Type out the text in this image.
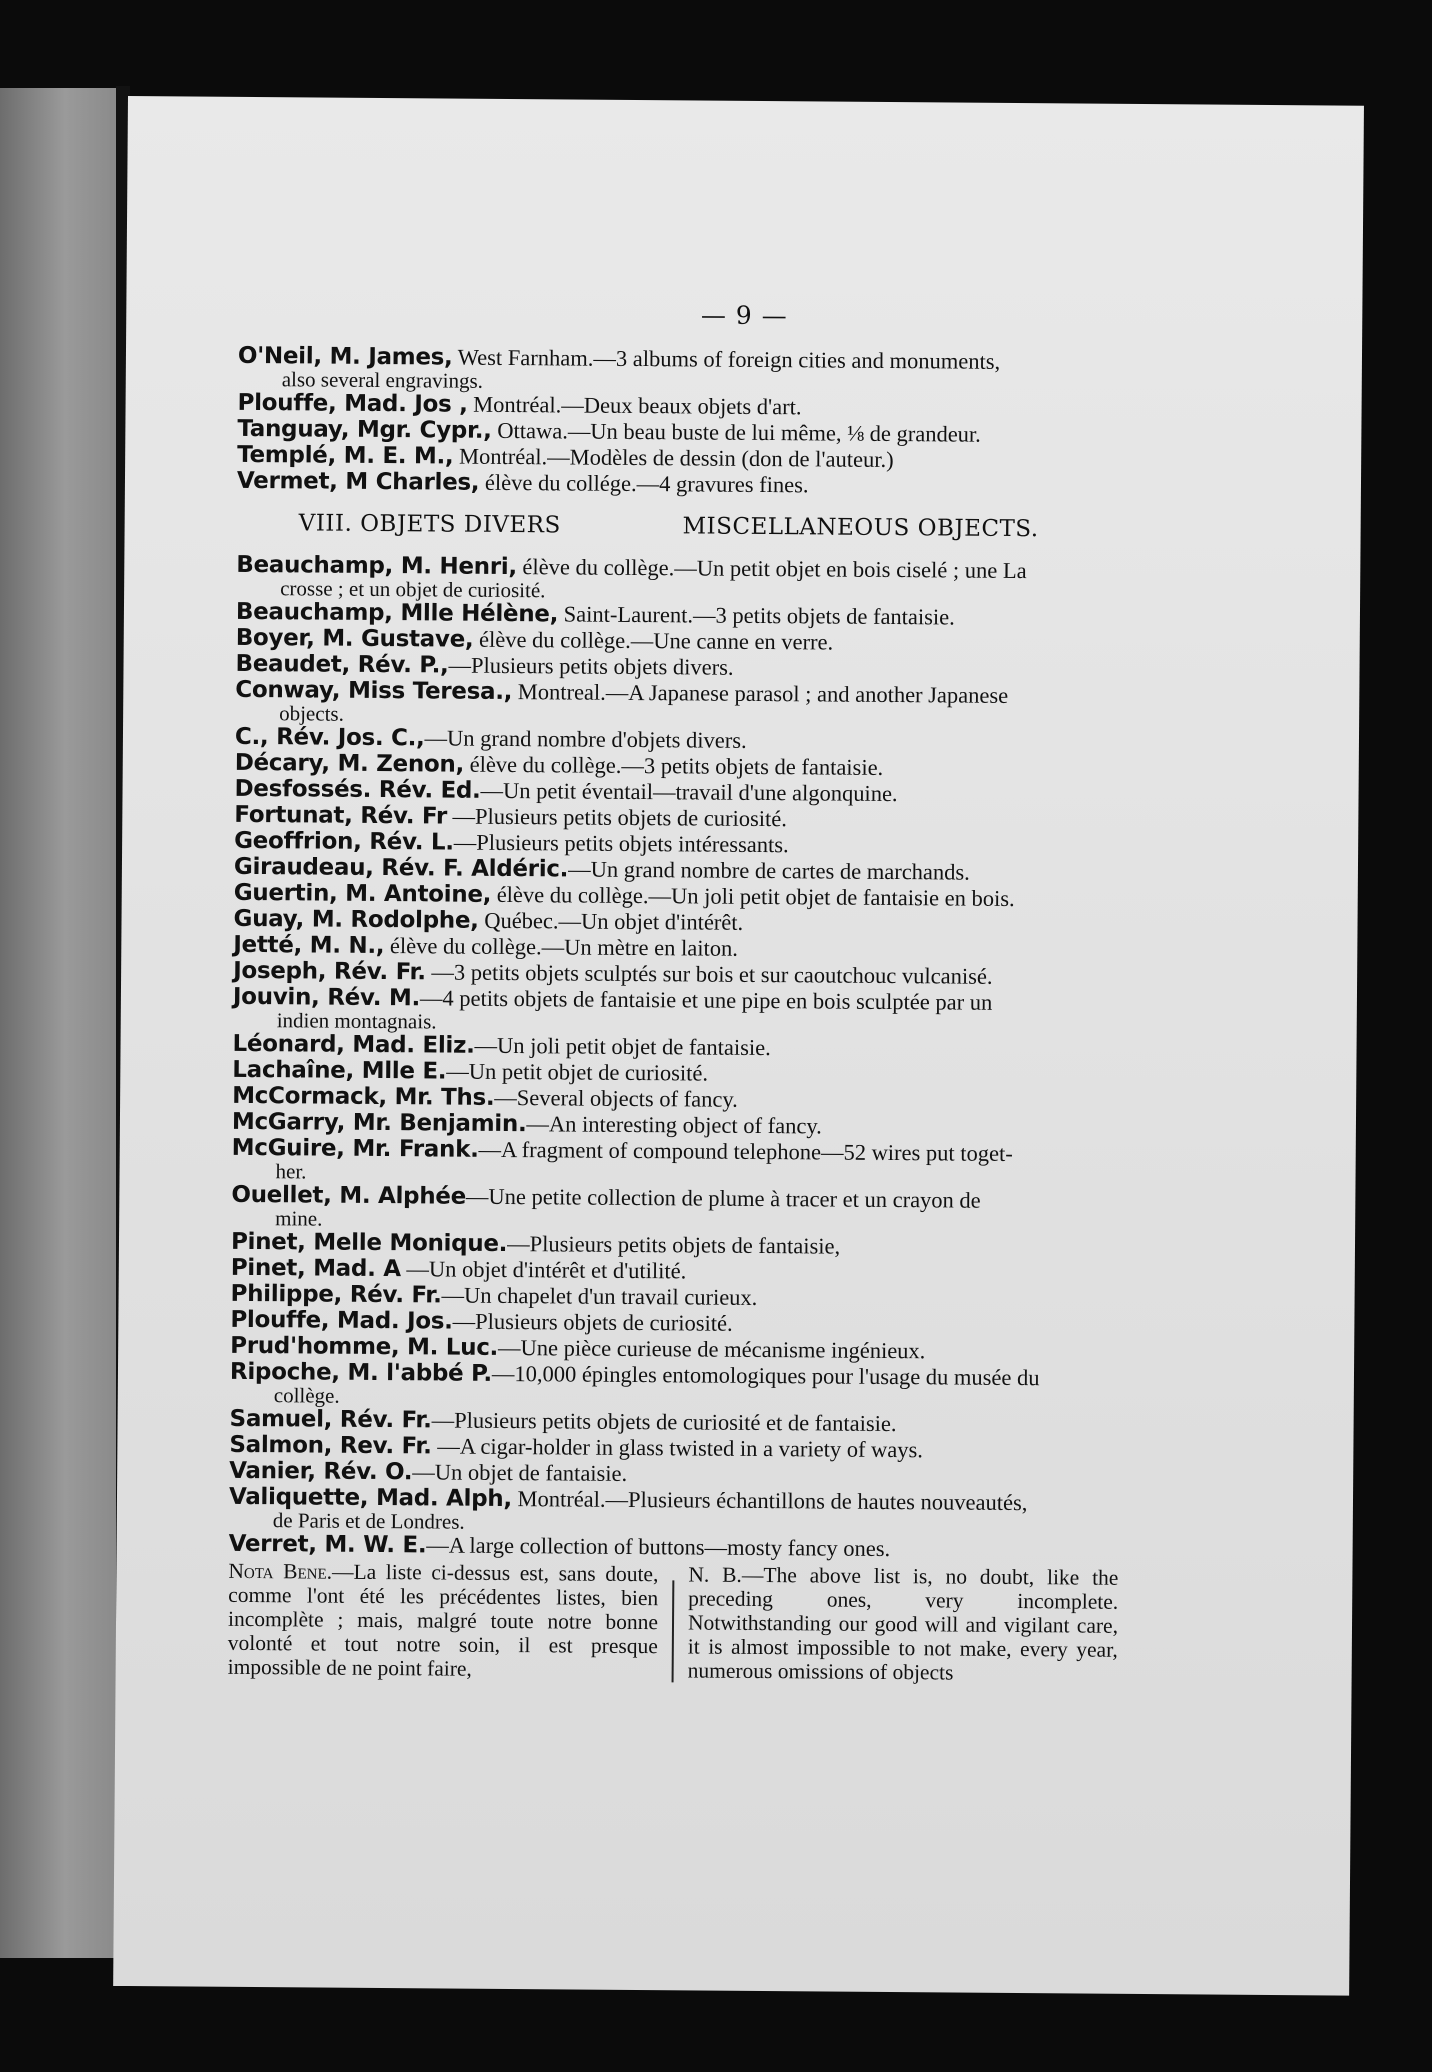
— 9 —

O'Neil, M. James, West Farnham.—3 albums of foreign cities and monuments,
also several engravings.

Plouffe, Mad. Jos , Montréal.—Deux beaux objets d'art.

Tanguay, Mgr. Cypr., Ottawa.—Un beau buste de lui même, ⅛ de grandeur.

Templé, M. E. M., Montréal.—Modèles de dessin (don de l'auteur.)

Vermet, M Charles, élève du collége.—4 gravures fines.

VIII. OBJETS DIVERS	MISCELLANEOUS OBJECTS.

Beauchamp, M. Henri, élève du collège.—Un petit objet en bois ciselé ; une La
crosse ; et un objet de curiosité.

Beauchamp, Mlle Hélène, Saint-Laurent.—3 petits objets de fantaisie.

Boyer, M. Gustave, élève du collège.—Une canne en verre.

Beaudet, Rév. P.,—Plusieurs petits objets divers.

Conway, Miss Teresa., Montreal.—A Japanese parasol ; and another Japanese
objects.

C., Rév. Jos. C.,—Un grand nombre d'objets divers.

Décary, M. Zenon, élève du collège.—3 petits objets de fantaisie.

Desfossés. Rév. Ed.—Un petit éventail—travail d'une algonquine.

Fortunat, Rév. Fr —Plusieurs petits objets de curiosité.

Geoffrion, Rév. L.—Plusieurs petits objets intéressants.

Giraudeau, Rév. F. Aldéric.—Un grand nombre de cartes de marchands.

Guertin, M. Antoine, élève du collège.—Un joli petit objet de fantaisie en bois.

Guay, M. Rodolphe, Québec.—Un objet d'intérêt.

Jetté, M. N., élève du collège.—Un mètre en laiton.

Joseph, Rév. Fr. —3 petits objets sculptés sur bois et sur caoutchouc vulcanisé.

Jouvin, Rév. M.—4 petits objets de fantaisie et une pipe en bois sculptée par un
indien montagnais.

Léonard, Mad. Eliz.—Un joli petit objet de fantaisie.

Lachaîne, Mlle E.—Un petit objet de curiosité.

McCormack, Mr. Ths.—Several objects of fancy.

McGarry, Mr. Benjamin.—An interesting object of fancy.

McGuire, Mr. Frank.—A fragment of compound telephone—52 wires put toget-
her.

Ouellet, M. Alphée—Une petite collection de plume à tracer et un crayon de
mine.

Pinet, Melle Monique.—Plusieurs petits objets de fantaisie,

Pinet, Mad. A —Un objet d'intérêt et d'utilité.

Philippe, Rév. Fr.—Un chapelet d'un travail curieux.

Plouffe, Mad. Jos.—Plusieurs objets de curiosité.

Prud'homme, M. Luc.—Une pièce curieuse de mécanisme ingénieux.

Ripoche, M. l'abbé P.—10,000 épingles entomologiques pour l'usage du musée du
collège.

Samuel, Rév. Fr.—Plusieurs petits objets de curiosité et de fantaisie.

Salmon, Rev. Fr. —A cigar-holder in glass twisted in a variety of ways.

Vanier, Rév. O.—Un objet de fantaisie.

Valiquette, Mad. Alph, Montréal.—Plusieurs échantillons de hautes nouveautés,
de Paris et de Londres.

Verret, M. W. E.—A large collection of buttons—mosty fancy ones.

Nota Bene.—La liste ci-dessus est, sans doute, comme l'ont été les précédentes listes, bien incomplète ; mais, malgré toute notre bonne volonté et tout notre soin, il est presque impossible de ne point faire,
N. B.—The above list is, no doubt, like the preceding ones, very incomplete. Notwithstanding our good will and vigilant care, it is almost impossible to not make, every year, numerous omissions of objects
